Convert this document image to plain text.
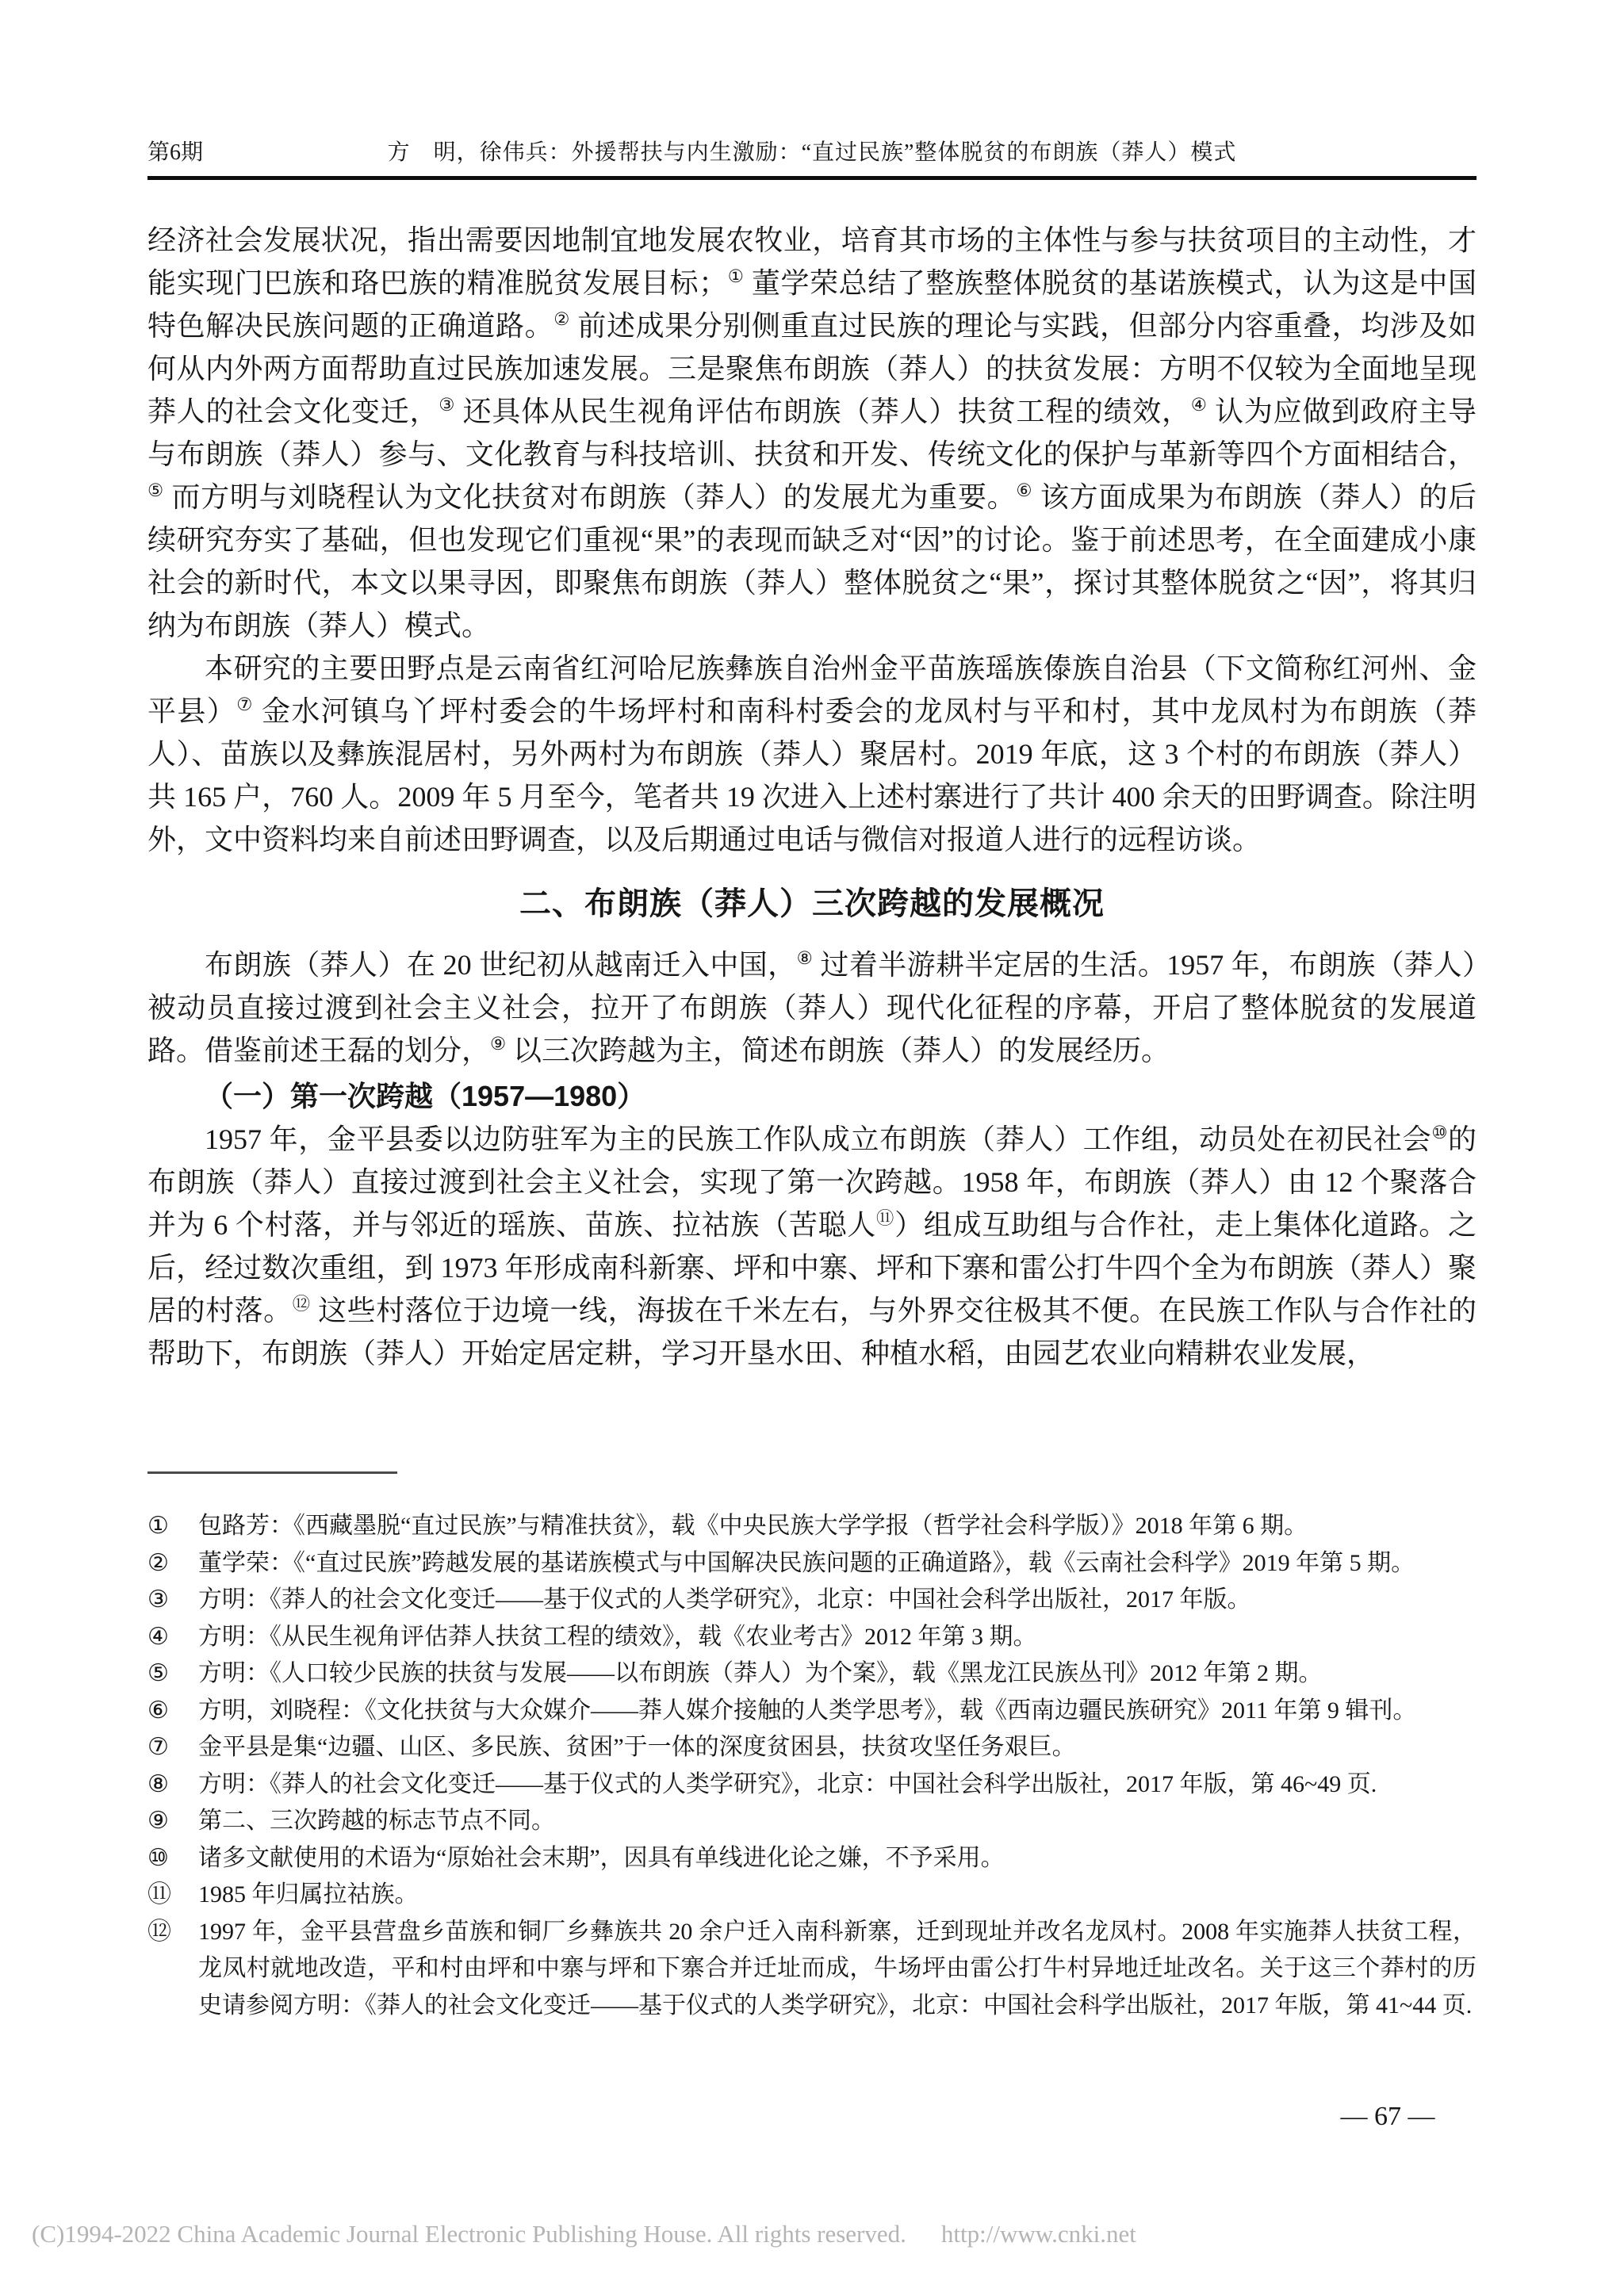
第6期	方　明，徐伟兵：外援帮扶与内生激励：“直过民族”整体脱贫的布朗族（莽人）模式

经济社会发展状况，指出需要因地制宜地发展农牧业，培育其市场的主体性与参与扶贫项目的主动性，才能实现门巴族和珞巴族的精准脱贫发展目标；① 董学荣总结了整族整体脱贫的基诺族模式，认为这是中国特色解决民族问题的正确道路。② 前述成果分别侧重直过民族的理论与实践，但部分内容重叠，均涉及如何从内外两方面帮助直过民族加速发展。三是聚焦布朗族（莽人）的扶贫发展：方明不仅较为全面地呈现莽人的社会文化变迁，③ 还具体从民生视角评估布朗族（莽人）扶贫工程的绩效，④ 认为应做到政府主导与布朗族（莽人）参与、文化教育与科技培训、扶贫和开发、传统文化的保护与革新等四个方面相结合，⑤ 而方明与刘晓程认为文化扶贫对布朗族（莽人）的发展尤为重要。⑥ 该方面成果为布朗族（莽人）的后续研究夯实了基础，但也发现它们重视“果”的表现而缺乏对“因”的讨论。鉴于前述思考，在全面建成小康社会的新时代，本文以果寻因，即聚焦布朗族（莽人）整体脱贫之“果”，探讨其整体脱贫之“因”，将其归纳为布朗族（莽人）模式。

本研究的主要田野点是云南省红河哈尼族彝族自治州金平苗族瑶族傣族自治县（下文简称红河州、金平县）⑦ 金水河镇乌丫坪村委会的牛场坪村和南科村委会的龙凤村与平和村，其中龙凤村为布朗族（莽人）、苗族以及彝族混居村，另外两村为布朗族（莽人）聚居村。2019 年底，这 3 个村的布朗族（莽人）共 165 户，760 人。2009 年 5 月至今，笔者共 19 次进入上述村寨进行了共计 400 余天的田野调查。除注明外，文中资料均来自前述田野调查，以及后期通过电话与微信对报道人进行的远程访谈。

二、布朗族（莽人）三次跨越的发展概况

布朗族（莽人）在 20 世纪初从越南迁入中国，⑧ 过着半游耕半定居的生活。1957 年，布朗族（莽人）被动员直接过渡到社会主义社会，拉开了布朗族（莽人）现代化征程的序幕，开启了整体脱贫的发展道路。借鉴前述王磊的划分，⑨ 以三次跨越为主，简述布朗族（莽人）的发展经历。

（一）第一次跨越（1957—1980）

1957 年，金平县委以边防驻军为主的民族工作队成立布朗族（莽人）工作组，动员处在初民社会⑩的布朗族（莽人）直接过渡到社会主义社会，实现了第一次跨越。1958 年，布朗族（莽人）由 12 个聚落合并为 6 个村落，并与邻近的瑶族、苗族、拉祜族（苦聪人⑪）组成互助组与合作社，走上集体化道路。之后，经过数次重组，到 1973 年形成南科新寨、坪和中寨、坪和下寨和雷公打牛四个全为布朗族（莽人）聚居的村落。⑫ 这些村落位于边境一线，海拔在千米左右，与外界交往极其不便。在民族工作队与合作社的帮助下，布朗族（莽人）开始定居定耕，学习开垦水田、种植水稻，由园艺农业向精耕农业发展，

① 包路芳：《西藏墨脱“直过民族”与精准扶贫》，载《中央民族大学学报（哲学社会科学版）》2018 年第 6 期。
② 董学荣：《“直过民族”跨越发展的基诺族模式与中国解决民族问题的正确道路》，载《云南社会科学》2019 年第 5 期。
③ 方明：《莽人的社会文化变迁——基于仪式的人类学研究》，北京：中国社会科学出版社，2017 年版。
④ 方明：《从民生视角评估莽人扶贫工程的绩效》，载《农业考古》2012 年第 3 期。
⑤ 方明：《人口较少民族的扶贫与发展——以布朗族（莽人）为个案》，载《黑龙江民族丛刊》2012 年第 2 期。
⑥ 方明，刘晓程：《文化扶贫与大众媒介——莽人媒介接触的人类学思考》，载《西南边疆民族研究》2011 年第 9 辑刊。
⑦ 金平县是集“边疆、山区、多民族、贫困”于一体的深度贫困县，扶贫攻坚任务艰巨。
⑧ 方明：《莽人的社会文化变迁——基于仪式的人类学研究》，北京：中国社会科学出版社，2017 年版，第 46~49 页.
⑨ 第二、三次跨越的标志节点不同。
⑩ 诸多文献使用的术语为“原始社会末期”，因具有单线进化论之嫌，不予采用。
⑪ 1985 年归属拉祜族。
⑫ 1997 年，金平县营盘乡苗族和铜厂乡彝族共 20 余户迁入南科新寨，迁到现址并改名龙凤村。2008 年实施莽人扶贫工程，龙凤村就地改造，平和村由坪和中寨与坪和下寨合并迁址而成，牛场坪由雷公打牛村异地迁址改名。关于这三个莽村的历史请参阅方明：《莽人的社会文化变迁——基于仪式的人类学研究》，北京：中国社会科学出版社，2017 年版，第 41~44 页.
— 67 —
(C)1994-2022 China Academic Journal Electronic Publishing House. All rights reserved. http://www.cnki.net
